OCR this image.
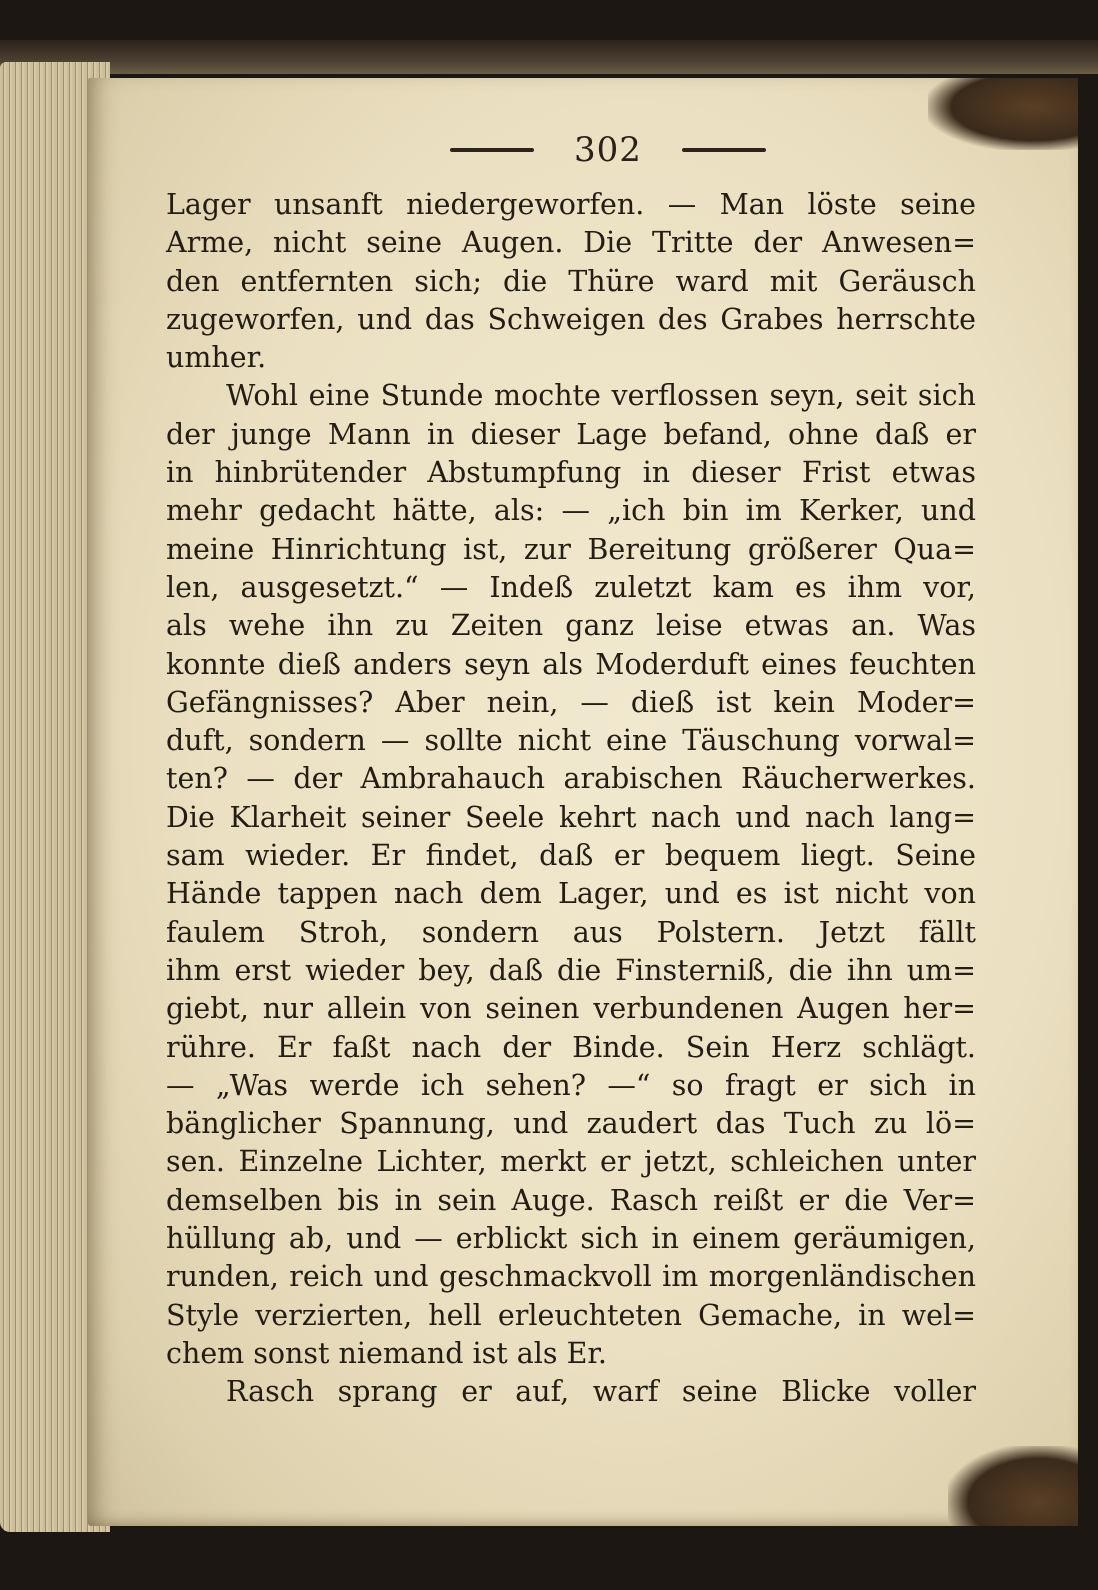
302
Lager unsanft niedergeworfen. — Man löste seine
Arme, nicht seine Augen. Die Tritte der Anwesen=
den entfernten sich; die Thüre ward mit Geräusch
zugeworfen, und das Schweigen des Grabes herrschte
umher.
Wohl eine Stunde mochte verflossen seyn, seit sich
der junge Mann in dieser Lage befand, ohne daß er
in hinbrütender Abstumpfung in dieser Frist etwas
mehr gedacht hätte, als: — „ich bin im Kerker, und
meine Hinrichtung ist, zur Bereitung größerer Qua=
len, ausgesetzt.“ — Indeß zuletzt kam es ihm vor,
als wehe ihn zu Zeiten ganz leise etwas an. Was
konnte dieß anders seyn als Moderduft eines feuchten
Gefängnisses? Aber nein, — dieß ist kein Moder=
duft, sondern — sollte nicht eine Täuschung vorwal=
ten? — der Ambrahauch arabischen Räucherwerkes.
Die Klarheit seiner Seele kehrt nach und nach lang=
sam wieder. Er findet, daß er bequem liegt. Seine
Hände tappen nach dem Lager, und es ist nicht von
faulem Stroh, sondern aus Polstern. Jetzt fällt
ihm erst wieder bey, daß die Finsterniß, die ihn um=
giebt, nur allein von seinen verbundenen Augen her=
rühre. Er faßt nach der Binde. Sein Herz schlägt.
— „Was werde ich sehen? —“ so fragt er sich in
bänglicher Spannung, und zaudert das Tuch zu lö=
sen. Einzelne Lichter, merkt er jetzt, schleichen unter
demselben bis in sein Auge. Rasch reißt er die Ver=
hüllung ab, und — erblickt sich in einem geräumigen,
runden, reich und geschmackvoll im morgenländischen
Style verzierten, hell erleuchteten Gemache, in wel=
chem sonst niemand ist als Er.
Rasch sprang er auf, warf seine Blicke voller
